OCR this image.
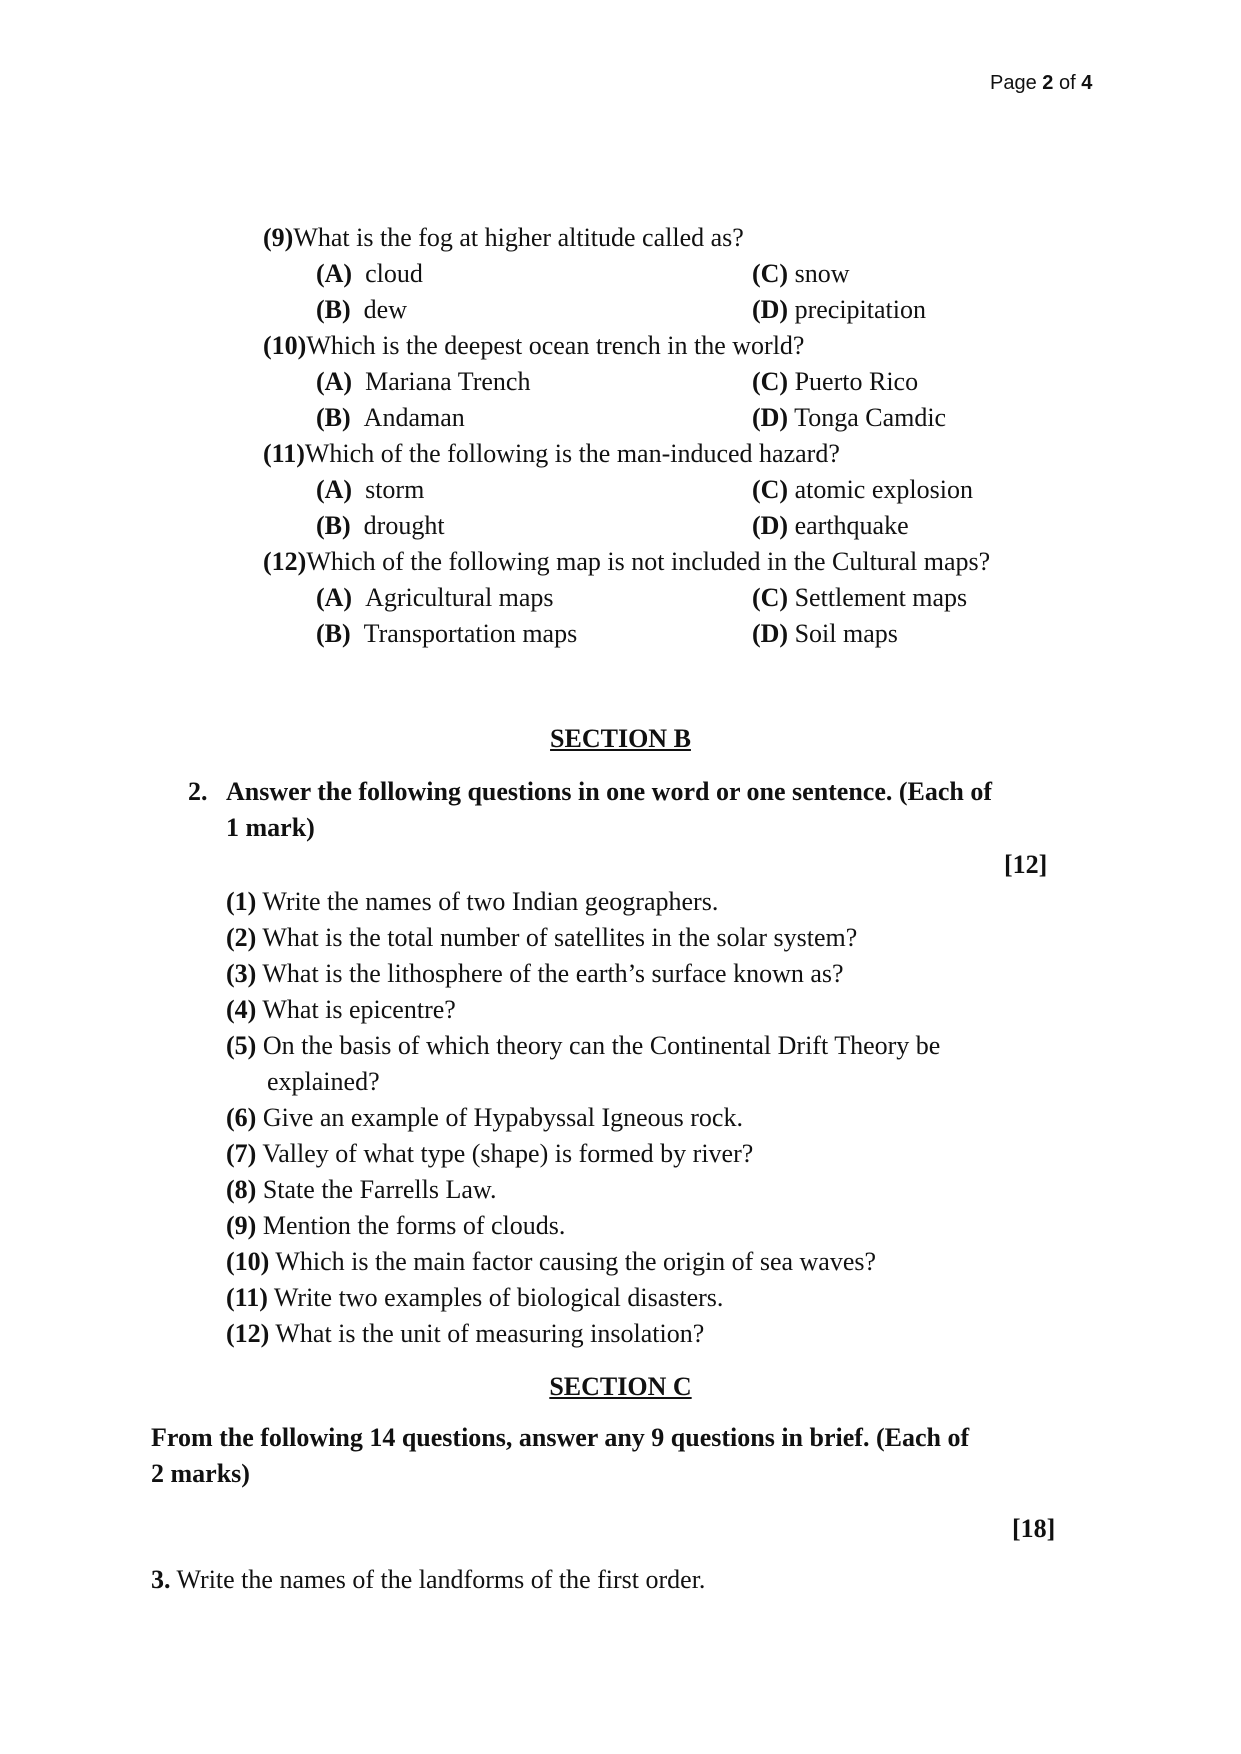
Page 2 of 4
(9)What is the fog at higher altitude called as?
(A) cloud	(C) snow
(B) dew	(D) precipitation
(10)Which is the deepest ocean trench in the world?
(A) Mariana Trench	(C) Puerto Rico
(B) Andaman	(D) Tonga Camdic
(11)Which of the following is the man-induced hazard?
(A) storm	(C) atomic explosion
(B) drought	(D) earthquake
(12)Which of the following map is not included in the Cultural maps?
(A) Agricultural maps	(C) Settlement maps
(B) Transportation maps	(D) Soil maps
SECTION B
2. Answer the following questions in one word or one sentence. (Each of
1 mark)
[12]
(1) Write the names of two Indian geographers.
(2) What is the total number of satellites in the solar system?
(3) What is the lithosphere of the earth’s surface known as?
(4) What is epicentre?
(5) On the basis of which theory can the Continental Drift Theory be
explained?
(6) Give an example of Hypabyssal Igneous rock.
(7) Valley of what type (shape) is formed by river?
(8) State the Farrells Law.
(9) Mention the forms of clouds.
(10) Which is the main factor causing the origin of sea waves?
(11) Write two examples of biological disasters.
(12) What is the unit of measuring insolation?
SECTION C
From the following 14 questions, answer any 9 questions in brief. (Each of
2 marks)
[18]
3. Write the names of the landforms of the first order.
